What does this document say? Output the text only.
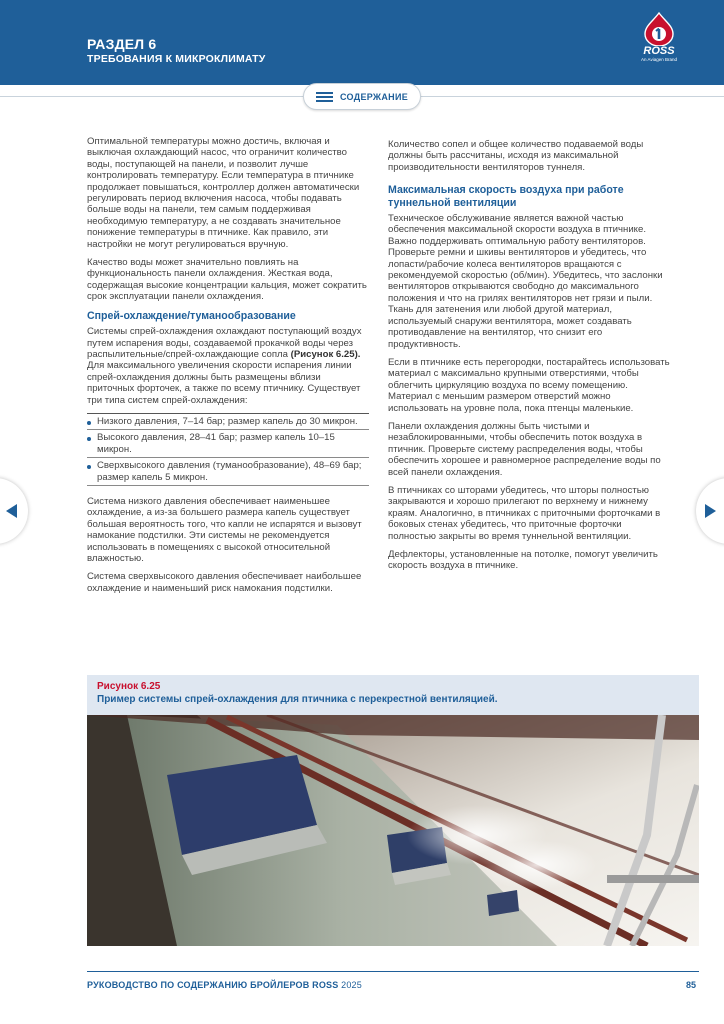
РАЗДЕЛ 6
ТРЕБОВАНИЯ К МИКРОКЛИМАТУ
ROSS
An Aviagen Brand
СОДЕРЖАНИЕ

Оптимальной температуры можно достичь, включая и выключая охлаждающий насос, что ограничит количество воды, поступающей на панели, и позволит лучше контролировать температуру. Если температура в птичнике продолжает повышаться, контроллер должен автоматически регулировать период включения насоса, чтобы подавать больше воды на панели, тем самым поддерживая необходимую температуру, а не создавать значительное понижение температуры в птичнике. Как правило, эти настройки не могут регулироваться вручную.

Качество воды может значительно повлиять на функциональность панели охлаждения. Жесткая вода, содержащая высокие концентрации кальция, может сократить срок эксплуатации панели охлаждения.

Спрей-охлаждение/туманообразование

Системы спрей-охлаждения охлаждают поступающий воздух путем испарения воды, создаваемой прокачкой воды через распылительные/спрей-охлаждающие сопла (Рисунок 6.25). Для максимального увеличения скорости испарения линии спрей-охлаждения должны быть размещены вблизи приточных форточек, а также по всему птичнику. Существует три типа систем спрей-охлаждения:

Низкого давления, 7–14 бар; размер капель до 30 микрон.
Высокого давления, 28–41 бар; размер капель 10–15 микрон.
Сверхвысокого давления (туманообразование), 48–69 бар; размер капель 5 микрон.

Система низкого давления обеспечивает наименьшее охлаждение, а из-за большего размера капель существует большая вероятность того, что капли не испарятся и вызовут намокание подстилки. Эти системы не рекомендуется использовать в помещениях с высокой относительной влажностью.

Система сверхвысокого давления обеспечивает наибольшее охлаждение и наименьший риск намокания подстилки.

Количество сопел и общее количество подаваемой воды должны быть рассчитаны, исходя из максимальной производительности вентиляторов туннеля.

Максимальная скорость воздуха при работе туннельной вентиляции

Техническое обслуживание является важной частью обеспечения максимальной скорости воздуха в птичнике. Важно поддерживать оптимальную работу вентиляторов. Проверьте ремни и шкивы вентиляторов и убедитесь, что лопасти/рабочие колеса вентиляторов вращаются с рекомендуемой скоростью (об/мин). Убедитесь, что заслонки вентиляторов открываются свободно до максимального положения и что на грилях вентиляторов нет грязи и пыли. Ткань для затенения или любой другой материал, используемый снаружи вентилятора, может создавать противодавление на вентилятор, что снизит его продуктивность.

Если в птичнике есть перегородки, постарайтесь использовать материал с максимально крупными отверстиями, чтобы облегчить циркуляцию воздуха по всему помещению. Материал с меньшим размером отверстий можно использовать на уровне пола, пока птенцы маленькие.

Панели охлаждения должны быть чистыми и незаблокированными, чтобы обеспечить поток воздуха в птичник. Проверьте систему распределения воды, чтобы обеспечить хорошее и равномерное распределение воды по всей панели охлаждения.

В птичниках со шторами убедитесь, что шторы полностью закрываются и хорошо прилегают по верхнему и нижнему краям. Аналогично, в птичниках с приточными форточками в боковых стенах убедитесь, что приточные форточки полностью закрыты во время туннельной вентиляции.

Дефлекторы, установленные на потолке, помогут увеличить скорость воздуха в птичнике.

Рисунок 6.25
Пример системы спрей-охлаждения для птичника с перекрестной вентиляцией.
РУКОВОДСТВО ПО СОДЕРЖАНИЮ БРОЙЛЕРОВ ROSS 2025	85
